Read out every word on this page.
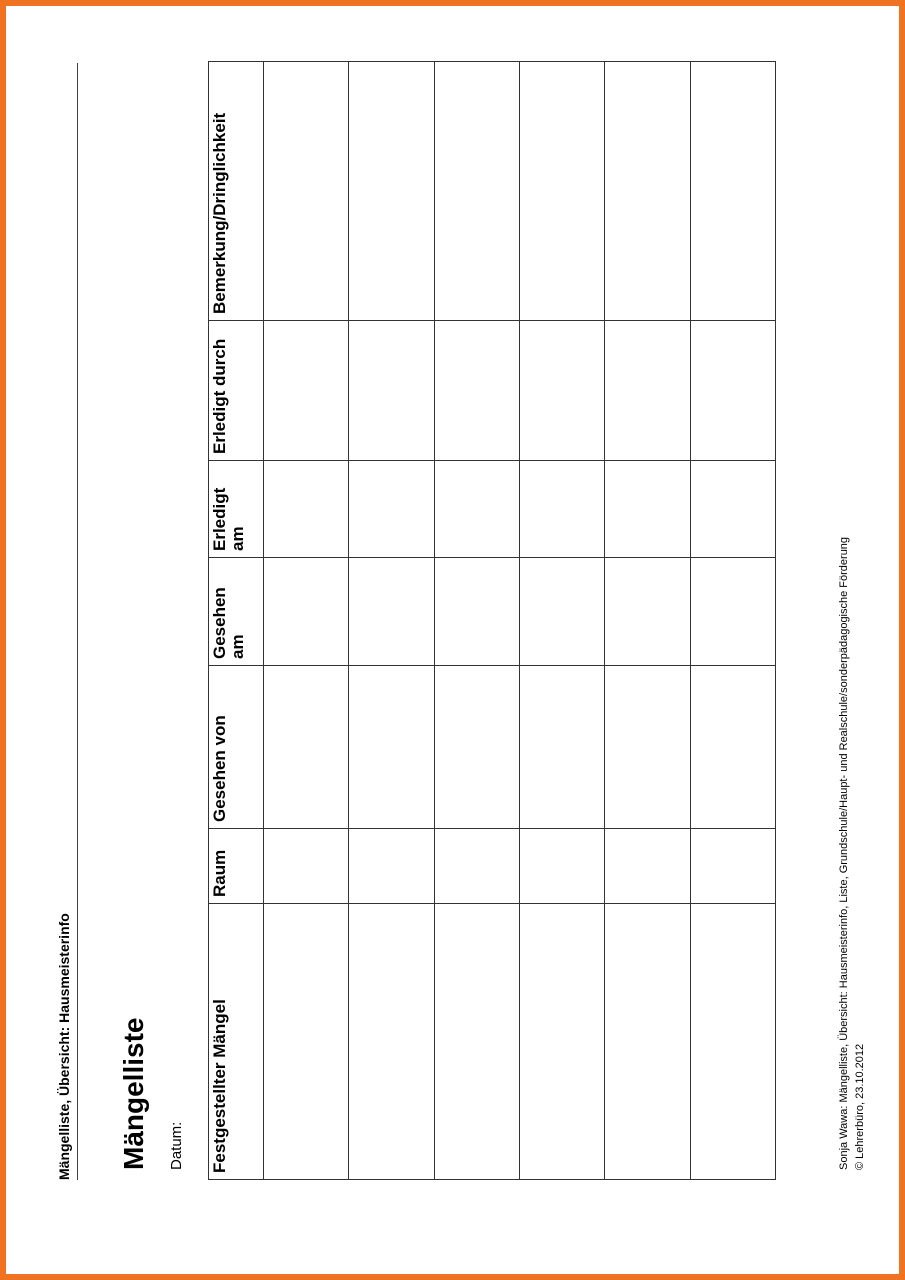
Mängelliste, Übersicht: Hausmeisterinfo Mängelliste Datum: Festgestellter Mängel	Raum	Gesehen von	Gesehen am	Erledigt am	Erledigt durch	Bemerkung/Dringlichkeit

Sonja Wawa: Mängelliste, Übersicht: Hausmeisterinfo, Liste, Grundschule/Haupt- und Realschule/sonderpädagogische Förderung © Lehrerbüro, 23.10.2012
